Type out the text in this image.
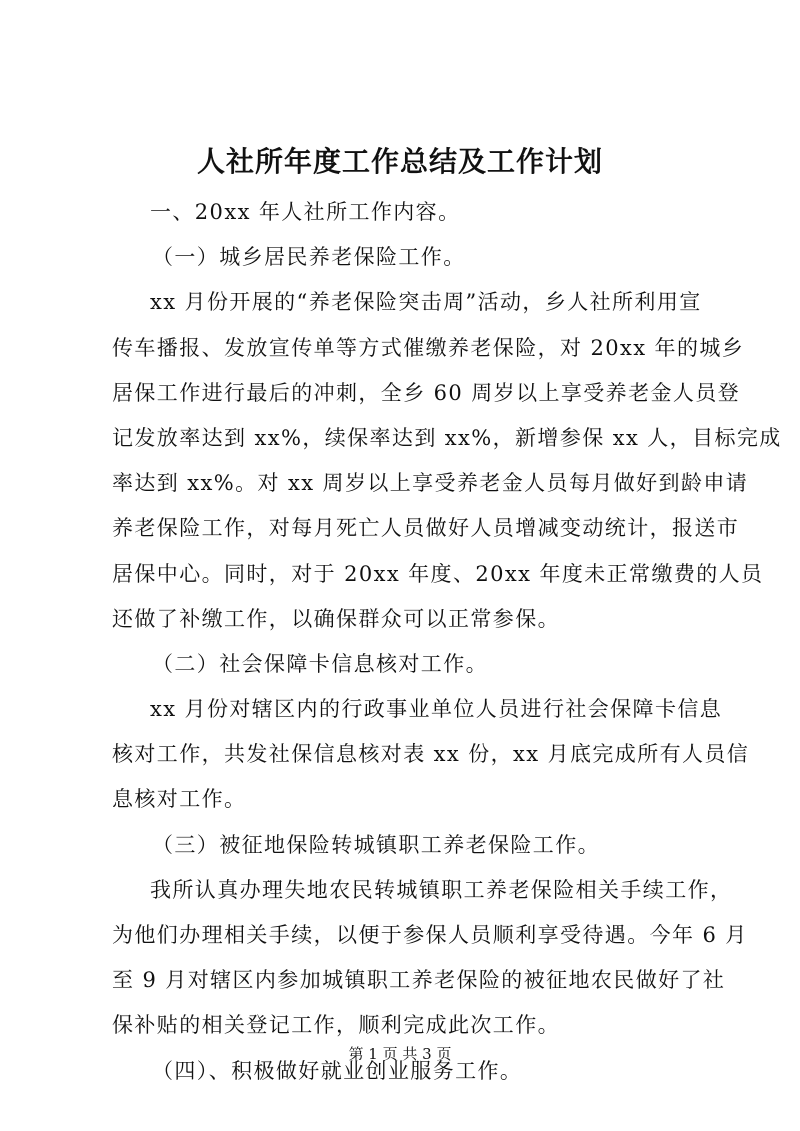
人社所年度工作总结及工作计划
一、20xx 年人社所工作内容。
（一）城乡居民养老保险工作。
xx 月份开展的“养老保险突击周”活动，乡人社所利用宣
传车播报、发放宣传单等方式催缴养老保险，对 20xx 年的城乡
居保工作进行最后的冲刺，全乡 60 周岁以上享受养老金人员登
记发放率达到 xx%，续保率达到 xx%，新增参保 xx 人，目标完成
率达到 xx%。对 xx 周岁以上享受养老金人员每月做好到龄申请
养老保险工作，对每月死亡人员做好人员增减变动统计，报送市
居保中心。同时，对于 20xx 年度、20xx 年度未正常缴费的人员
还做了补缴工作，以确保群众可以正常参保。
（二）社会保障卡信息核对工作。
xx 月份对辖区内的行政事业单位人员进行社会保障卡信息
核对工作，共发社保信息核对表 xx 份，xx 月底完成所有人员信
息核对工作。
（三）被征地保险转城镇职工养老保险工作。
我所认真办理失地农民转城镇职工养老保险相关手续工作，
为他们办理相关手续，以便于参保人员顺利享受待遇。今年 6 月
至 9 月对辖区内参加城镇职工养老保险的被征地农民做好了社
保补贴的相关登记工作，顺利完成此次工作。
（四）、积极做好就业创业服务工作。
第 1 页 共 3 页
